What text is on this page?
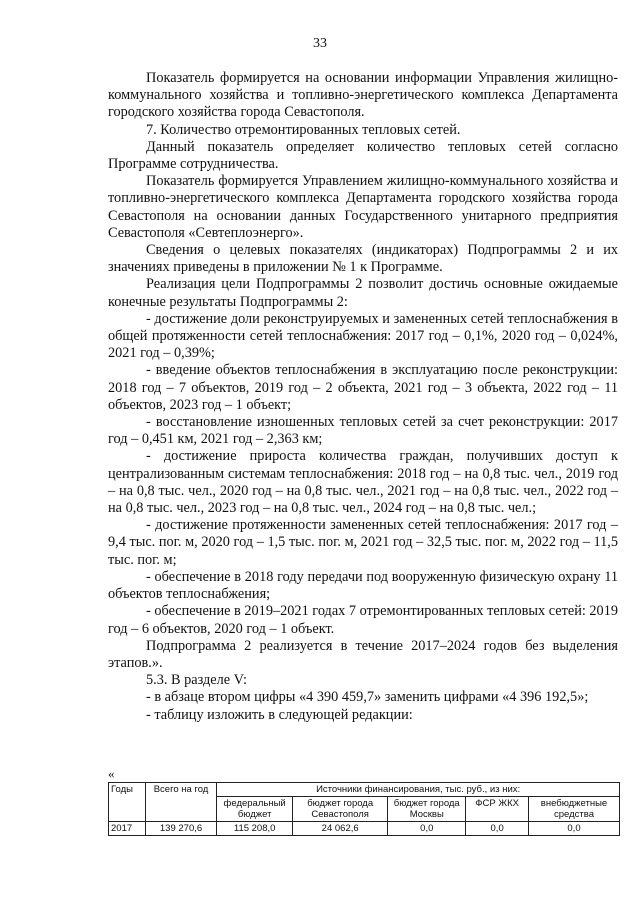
33

Показатель формируется на основании информации Управления жилищно-коммунального хозяйства и топливно-энергетического комплекса Департамента городского хозяйства города Севастополя.

7. Количество отремонтированных тепловых сетей.

Данный показатель определяет количество тепловых сетей согласно Программе сотрудничества.

Показатель формируется Управлением жилищно-коммунального хозяйства и топливно-энергетического комплекса Департамента городского хозяйства города Севастополя на основании данных Государственного унитарного предприятия Севастополя «Севтеплоэнерго».

Сведения о целевых показателях (индикаторах) Подпрограммы 2 и их значениях приведены в приложении № 1 к Программе.

Реализация цели Подпрограммы 2 позволит достичь основные ожидаемые конечные результаты Подпрограммы 2:

- достижение доли реконструируемых и замененных сетей теплоснабжения в общей протяженности сетей теплоснабжения: 2017 год – 0,1%, 2020 год – 0,024%, 2021 год – 0,39%;

- введение объектов теплоснабжения в эксплуатацию после реконструкции: 2018 год – 7 объектов, 2019 год – 2 объекта, 2021 год – 3 объекта, 2022 год – 11 объектов, 2023 год – 1 объект;

- восстановление изношенных тепловых сетей за счет реконструкции: 2017 год – 0,451 км, 2021 год – 2,363 км;

- достижение прироста количества граждан, получивших доступ к централизованным системам теплоснабжения: 2018 год – на 0,8 тыс. чел., 2019 год – на 0,8 тыс. чел., 2020 год – на 0,8 тыс. чел., 2021 год – на 0,8 тыс. чел., 2022 год – на 0,8 тыс. чел., 2023 год – на 0,8 тыс. чел., 2024 год – на 0,8 тыс. чел.;

- достижение протяженности замененных сетей теплоснабжения: 2017 год – 9,4 тыс. пог. м, 2020 год – 1,5 тыс. пог. м, 2021 год – 32,5 тыс. пог. м, 2022 год – 11,5 тыс. пог. м;

- обеспечение в 2018 году передачи под вооруженную физическую охрану 11 объектов теплоснабжения;

- обеспечение в 2019–2021 годах 7 отремонтированных тепловых сетей: 2019 год – 6 объектов, 2020 год – 1 объект.

Подпрограмма 2 реализуется в течение 2017–2024 годов без выделения этапов.».

5.3. В разделе V:

- в абзаце втором цифры «4 390 459,7» заменить цифрами «4 396 192,5»;

- таблицу изложить в следующей редакции:

«
Годы	Всего на год	Источники финансирования, тыс. руб., из них:				
		федеральный бюджет	бюджет города Севастополя	бюджет города Москвы	ФСР ЖКХ	внебюджетные средства
2017	139 270,6	115 208,0	24 062,6	0,0	0,0	0,0
